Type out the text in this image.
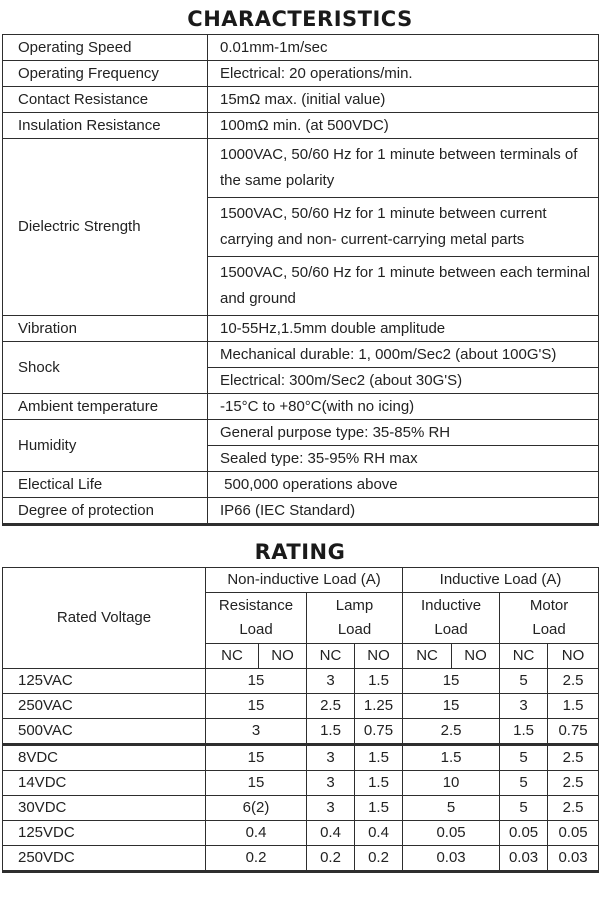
CHARACTERISTICS
Operating Speed	0.01mm-1m/sec
Operating Frequency	Electrical: 20 operations/min.
Contact Resistance	15mΩ max. (initial value)
Insulation Resistance	100mΩ min. (at 500VDC)
Dielectric Strength	1000VAC, 50/60 Hz for 1 minute between terminals of the same polarity
	1500VAC, 50/60 Hz for 1 minute between current carrying and non- current-carrying metal parts
	1500VAC, 50/60 Hz for 1 minute between each terminal and ground
Vibration	10-55Hz,1.5mm double amplitude
Shock	Mechanical durable: 1, 000m/Sec2 (about 100G'S)
	Electrical: 300m/Sec2 (about 30G'S)
Ambient temperature	-15°C to +80°C(with no icing)
Humidity	General purpose type: 35-85% RH
	Sealed type: 35-95% RH max
Electical Life	500,000 operations above
Degree of protection	IP66 (IEC Standard)
RATING
Rated Voltage	Non-inductive Load (A)				Inductive Load (A)			
	Resistance Load		Lamp Load		Inductive Load		Motor Load	
	NC	NO	NC	NO	NC	NO	NC	NO
125VAC	15		3	1.5	15		5	2.5
250VAC	15		2.5	1.25	15		3	1.5
500VAC	3		1.5	0.75	2.5		1.5	0.75
8VDC	15		3	1.5	1.5		5	2.5
14VDC	15		3	1.5	10		5	2.5
30VDC	6(2)		3	1.5	5		5	2.5
125VDC	0.4		0.4	0.4	0.05		0.05	0.05
250VDC	0.2		0.2	0.2	0.03		0.03	0.03
